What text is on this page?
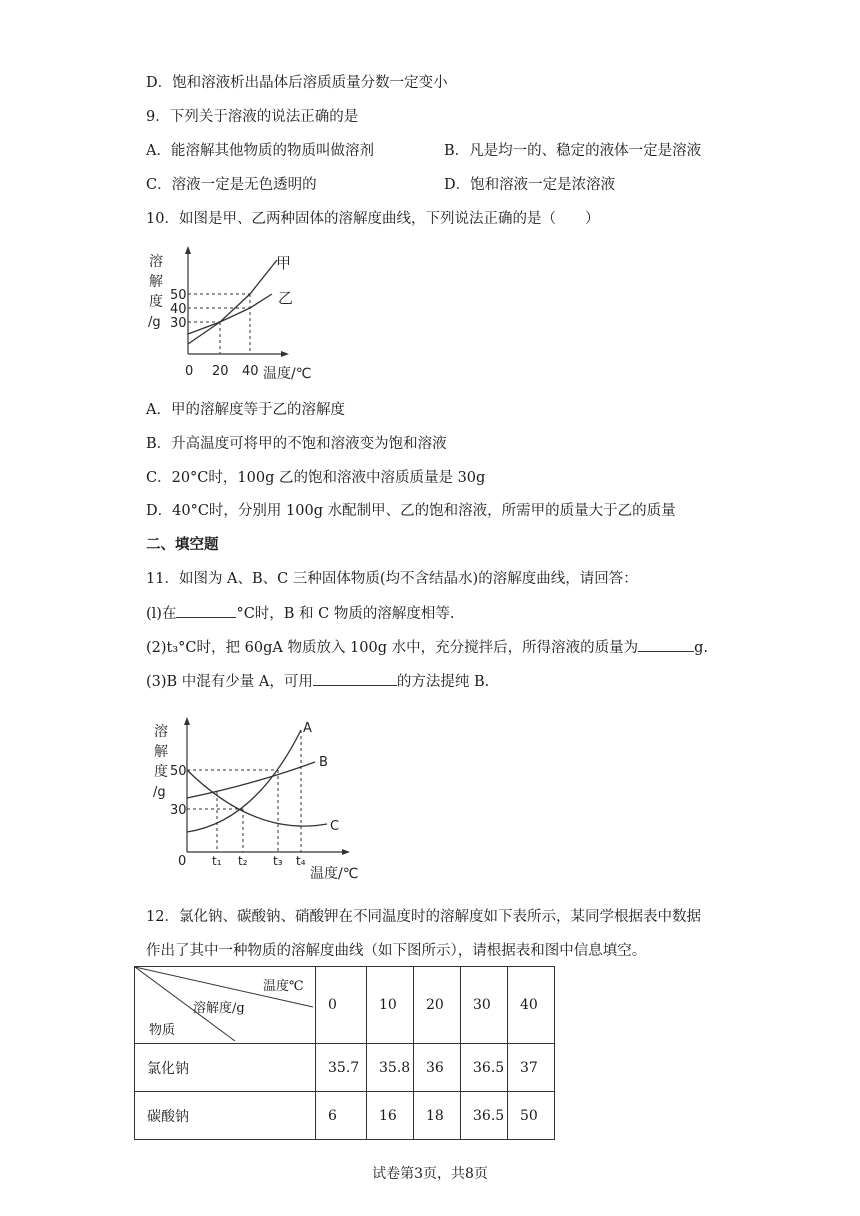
D．饱和溶液析出晶体后溶质质量分数一定变小
9．下列关于溶液的说法正确的是
A．能溶解其他物质的物质叫做溶剂	B．凡是均一的、稳定的液体一定是溶液
C．溶液一定是无色透明的	D．饱和溶液一定是浓溶液
10．如图是甲、乙两种固体的溶解度曲线，下列说法正确的是（　　）
溶
解
度
/g
50
40
30
0 20 40 温度/℃
甲
乙
A．甲的溶解度等于乙的溶解度
B．升高温度可将甲的不饱和溶液变为饱和溶液
C．20°C时，100g 乙的饱和溶液中溶质质量是 30g
D．40°C时，分别用 100g 水配制甲、乙的饱和溶液，所需甲的质量大于乙的质量
二、填空题
11．如图为 A、B、C 三种固体物质(均不含结晶水)的溶解度曲线，请回答：
(l)在	°C时，B 和 C 物质的溶解度相等.
(2)t₃°C时，把 60gA 物质放入 100g 水中，充分搅拌后，所得溶液的质量为	g.
(3)B 中混有少量 A，可用	的方法提纯 B.
溶
解
度
/g
50
30
0 t₁ t₂ t₃ t₄
温度/℃
A
B
C
12．氯化钠、碳酸钠、硝酸钾在不同温度时的溶解度如下表所示，某同学根据表中数据
作出了其中一种物质的溶解度曲线（如下图所示），请根据表和图中信息填空。
温度℃
溶解度/g
物质	0	10	20	30	40
氯化钠	35.7	35.8	36	36.5	37
碳酸钠	6	16	18	36.5	50
试卷第3页，共8页
